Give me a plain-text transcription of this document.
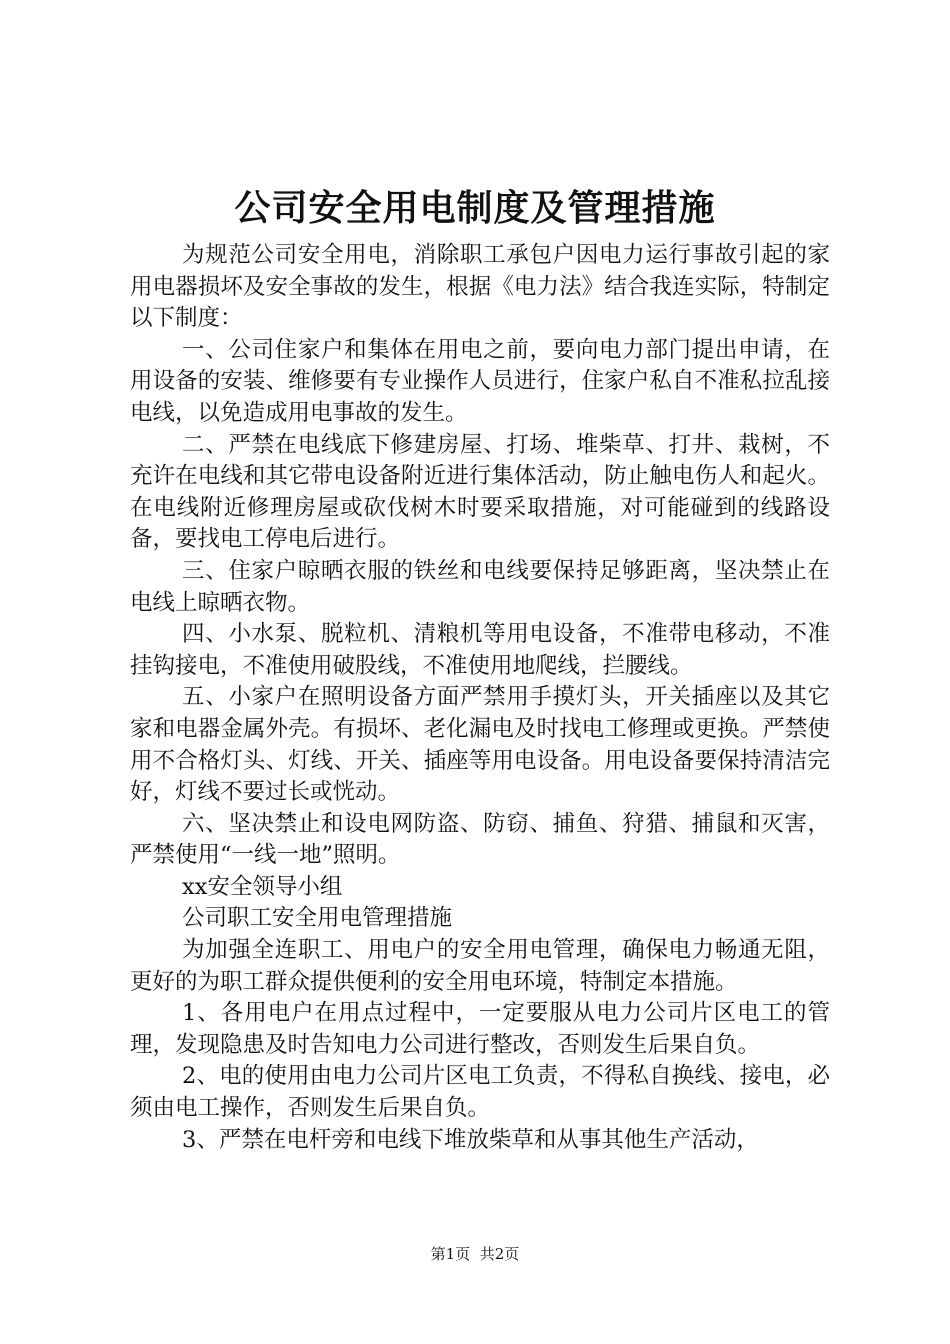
公司安全用电制度及管理措施

为规范公司安全用电，消除职工承包户因电力运行事故引起的家用电器损坏及安全事故的发生，根据《电力法》结合我连实际，特制定以下制度：

一、公司住家户和集体在用电之前，要向电力部门提出申请，在用设备的安装、维修要有专业操作人员进行，住家户私自不准私拉乱接电线，以免造成用电事故的发生。

二、严禁在电线底下修建房屋、打场、堆柴草、打井、栽树，不充许在电线和其它带电设备附近进行集体活动，防止触电伤人和起火。在电线附近修理房屋或砍伐树木时要采取措施，对可能碰到的线路设备，要找电工停电后进行。

三、住家户晾晒衣服的铁丝和电线要保持足够距离，坚决禁止在电线上晾晒衣物。

四、小水泵、脱粒机、清粮机等用电设备，不准带电移动，不准挂钩接电，不准使用破股线，不准使用地爬线，拦腰线。

五、小家户在照明设备方面严禁用手摸灯头，开关插座以及其它家和电器金属外壳。有损坏、老化漏电及时找电工修理或更换。严禁使用不合格灯头、灯线、开关、插座等用电设备。用电设备要保持清洁完好，灯线不要过长或恍动。

六、坚决禁止和设电网防盗、防窃、捕鱼、狩猎、捕鼠和灭害，严禁使用“一线一地”照明。

xx安全领导小组

公司职工安全用电管理措施

为加强全连职工、用电户的安全用电管理，确保电力畅通无阻，更好的为职工群众提供便利的安全用电环境，特制定本措施。

1、各用电户在用点过程中，一定要服从电力公司片区电工的管理，发现隐患及时告知电力公司进行整改，否则发生后果自负。

2、电的使用由电力公司片区电工负责，不得私自换线、接电，必须由电工操作，否则发生后果自负。

3、严禁在电杆旁和电线下堆放柴草和从事其他生产活动，

第1页 共2页
